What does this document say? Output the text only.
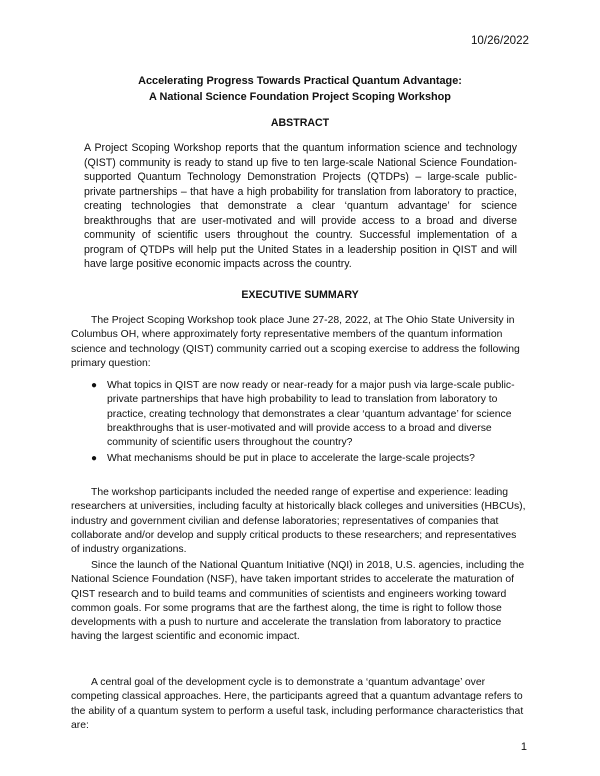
10/26/2022
Accelerating Progress Towards Practical Quantum Advantage:
A National Science Foundation Project Scoping Workshop
ABSTRACT

A Project Scoping Workshop reports that the quantum information science and technology (QIST) community is ready to stand up five to ten large-scale National Science Foundation-supported Quantum Technology Demonstration Projects (QTDPs) – large-scale public-private partnerships – that have a high probability for translation from laboratory to practice, creating technologies that demonstrate a clear ‘quantum advantage’ for science breakthroughs that are user-motivated and will provide access to a broad and diverse community of scientific users throughout the country. Successful implementation of a program of QTDPs will help put the United States in a leadership position in QIST and will have large positive economic impacts across the country.

EXECUTIVE SUMMARY

The Project Scoping Workshop took place June 27-28, 2022, at The Ohio State University in Columbus OH, where approximately forty representative members of the quantum information science and technology (QIST) community carried out a scoping exercise to address the following primary question:

● What topics in QIST are now ready or near-ready for a major push via large-scale public-private partnerships that have high probability to lead to translation from laboratory to practice, creating technology that demonstrates a clear ‘quantum advantage’ for science breakthroughs that is user-motivated and will provide access to a broad and diverse community of scientific users throughout the country?
● What mechanisms should be put in place to accelerate the large-scale projects?

The workshop participants included the needed range of expertise and experience: leading researchers at universities, including faculty at historically black colleges and universities (HBCUs), industry and government civilian and defense laboratories; representatives of companies that collaborate and/or develop and supply critical products to these researchers; and representatives of industry organizations.

Since the launch of the National Quantum Initiative (NQI) in 2018, U.S. agencies, including the National Science Foundation (NSF), have taken important strides to accelerate the maturation of QIST research and to build teams and communities of scientists and engineers working toward common goals. For some programs that are the farthest along, the time is right to follow those developments with a push to nurture and accelerate the translation from laboratory to practice having the largest scientific and economic impact.

A central goal of the development cycle is to demonstrate a ‘quantum advantage’ over competing classical approaches. Here, the participants agreed that a quantum advantage refers to the ability of a quantum system to perform a useful task, including performance characteristics that are:

1
